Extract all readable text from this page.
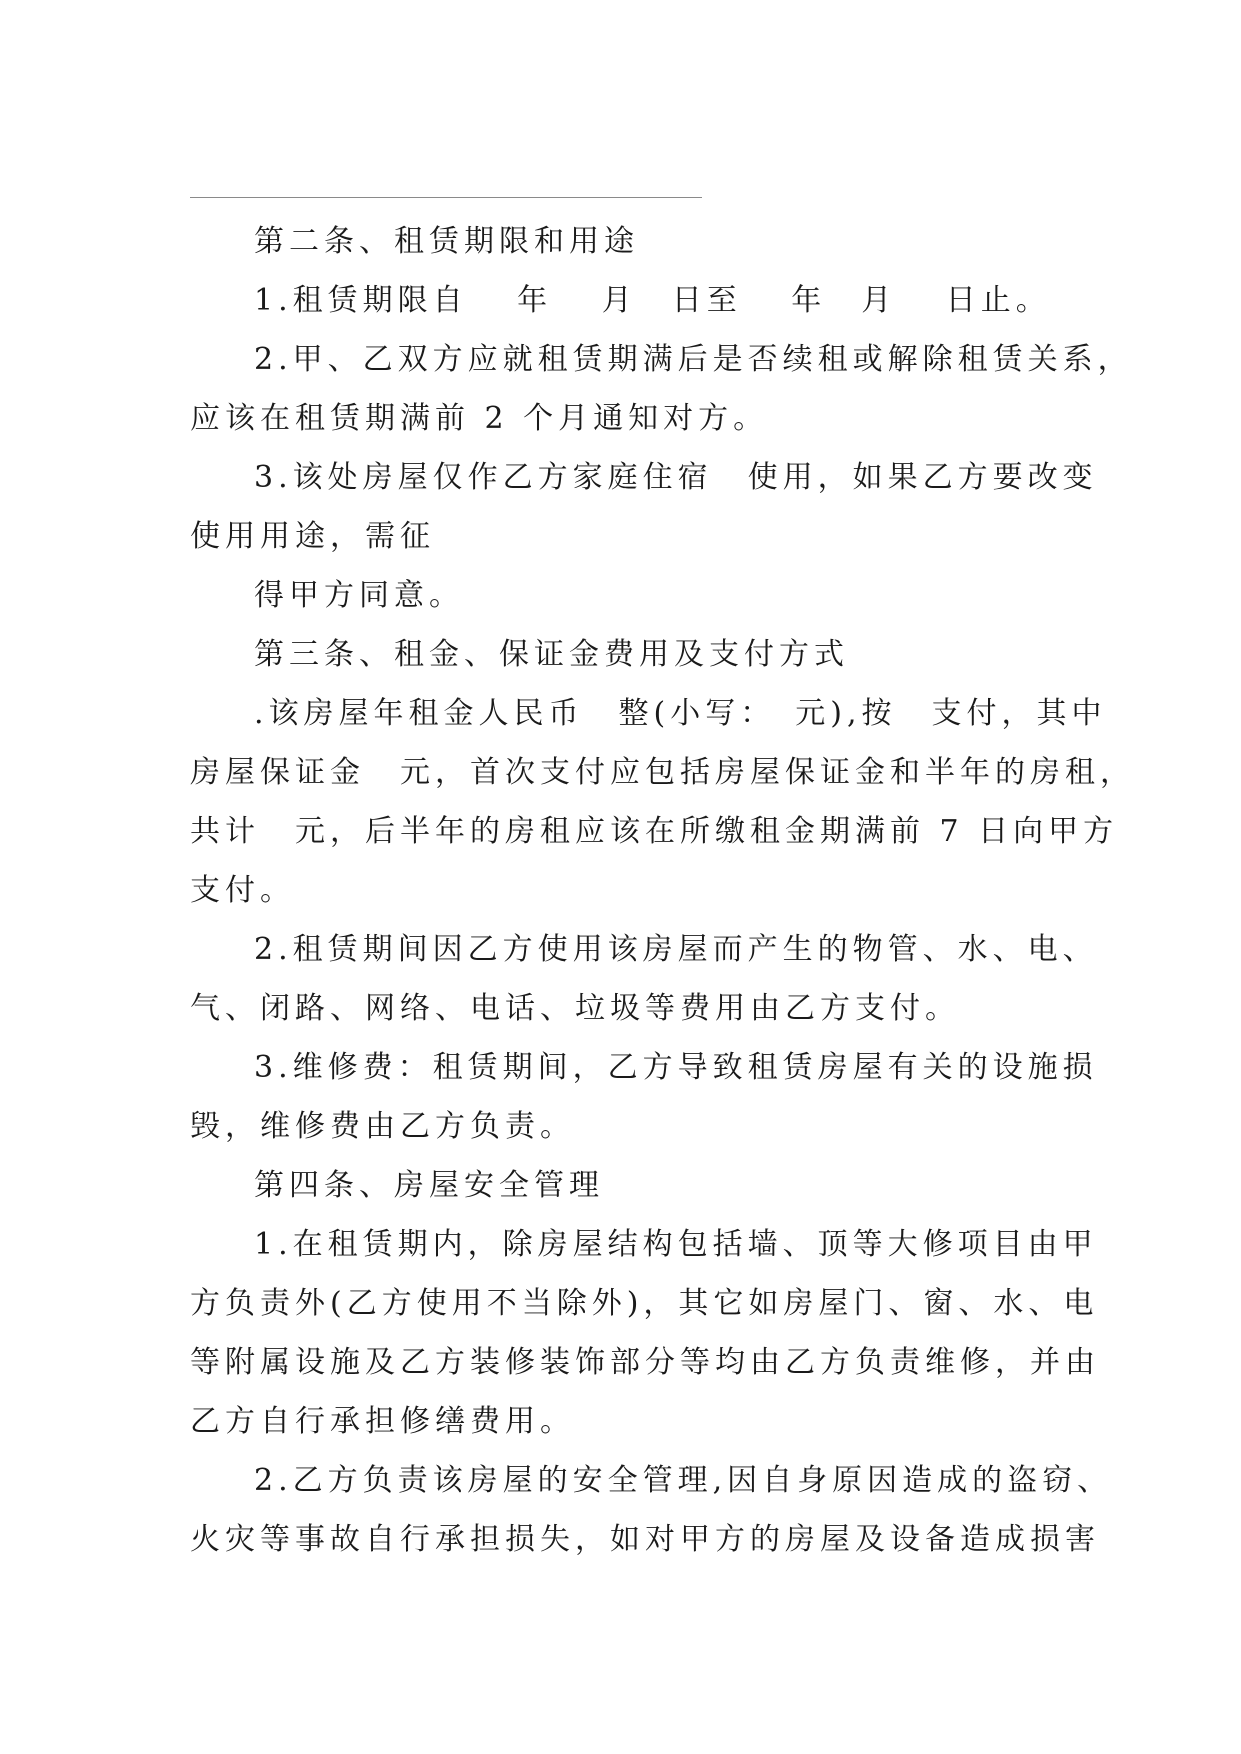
第二条、租赁期限和用途
1.租赁期限自　 年　 月　日至　 年　月　 日止。
2.甲、乙双方应就租赁期满后是否续租或解除租赁关系，
应该在租赁期满前 2 个月通知对方。
3.该处房屋仅作乙方家庭住宿　使用，如果乙方要改变
使用用途，需征
得甲方同意。
第三条、租金、保证金费用及支付方式
.该房屋年租金人民币　整(小写：　元),按　支付，其中
房屋保证金　元，首次支付应包括房屋保证金和半年的房租，
共计　元，后半年的房租应该在所缴租金期满前 7 日向甲方
支付。
2.租赁期间因乙方使用该房屋而产生的物管、水、电、
气、闭路、网络、电话、垃圾等费用由乙方支付。
3.维修费：租赁期间，乙方导致租赁房屋有关的设施损
毁，维修费由乙方负责。
第四条、房屋安全管理
1.在租赁期内，除房屋结构包括墙、顶等大修项目由甲
方负责外(乙方使用不当除外)，其它如房屋门、窗、水、电
等附属设施及乙方装修装饰部分等均由乙方负责维修，并由
乙方自行承担修缮费用。
2.乙方负责该房屋的安全管理,因自身原因造成的盗窃、
火灾等事故自行承担损失，如对甲方的房屋及设备造成损害
